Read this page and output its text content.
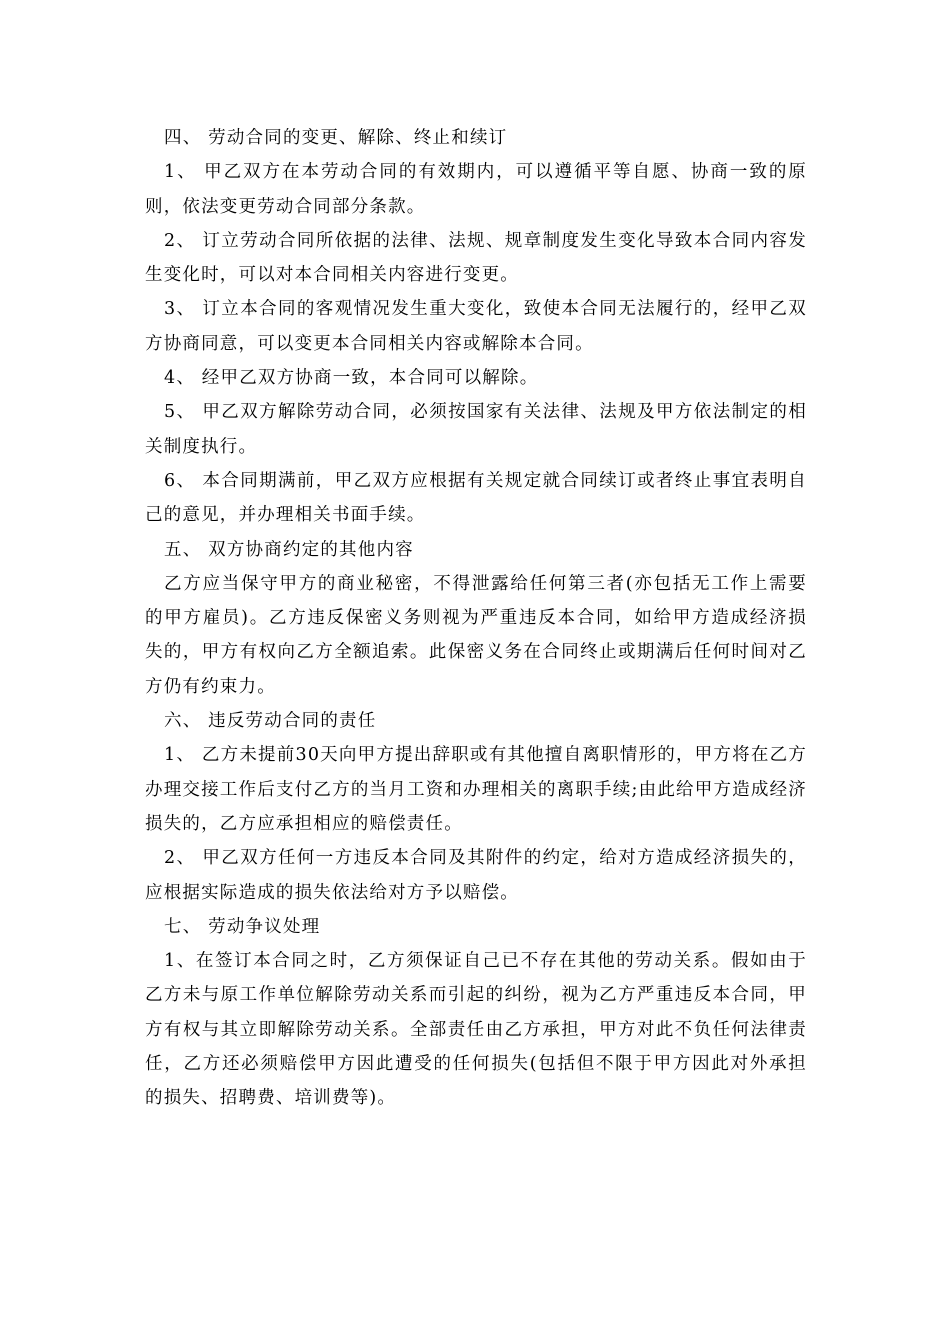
四、 劳动合同的变更、解除、终止和续订

1、 甲乙双方在本劳动合同的有效期内，可以遵循平等自愿、协商一致的原则，依法变更劳动合同部分条款。

2、 订立劳动合同所依据的法律、法规、规章制度发生变化导致本合同内容发生变化时，可以对本合同相关内容进行变更。

3、 订立本合同的客观情况发生重大变化，致使本合同无法履行的，经甲乙双方协商同意，可以变更本合同相关内容或解除本合同。

4、 经甲乙双方协商一致，本合同可以解除。

5、 甲乙双方解除劳动合同，必须按国家有关法律、法规及甲方依法制定的相关制度执行。

6、 本合同期满前，甲乙双方应根据有关规定就合同续订或者终止事宜表明自己的意见，并办理相关书面手续。

五、 双方协商约定的其他内容

乙方应当保守甲方的商业秘密，不得泄露给任何第三者(亦包括无工作上需要的甲方雇员)。乙方违反保密义务则视为严重违反本合同，如给甲方造成经济损失的，甲方有权向乙方全额追索。此保密义务在合同终止或期满后任何时间对乙方仍有约束力。

六、 违反劳动合同的责任

1、 乙方未提前30天向甲方提出辞职或有其他擅自离职情形的，甲方将在乙方办理交接工作后支付乙方的当月工资和办理相关的离职手续;由此给甲方造成经济损失的，乙方应承担相应的赔偿责任。

2、 甲乙双方任何一方违反本合同及其附件的约定，给对方造成经济损失的，应根据实际造成的损失依法给对方予以赔偿。

七、 劳动争议处理

1、在签订本合同之时，乙方须保证自己已不存在其他的劳动关系。假如由于乙方未与原工作单位解除劳动关系而引起的纠纷，视为乙方严重违反本合同，甲方有权与其立即解除劳动关系。全部责任由乙方承担，甲方对此不负任何法律责任，乙方还必须赔偿甲方因此遭受的任何损失(包括但不限于甲方因此对外承担的损失、招聘费、培训费等)。
